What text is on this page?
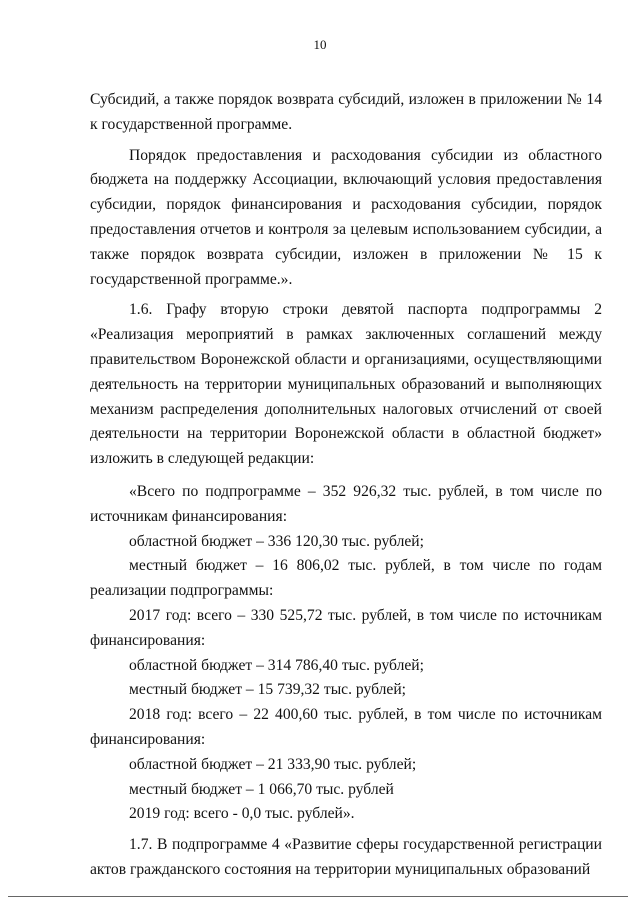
10

Субсидий, а также порядок возврата субсидий, изложен в приложении № 14 к государственной программе.

Порядок предоставления и расходования субсидии из областного бюджета на поддержку Ассоциации, включающий условия предоставления субсидии, порядок финансирования и расходования субсидии, порядок предоставления отчетов и контроля за целевым использованием субсидии, а также порядок возврата субсидии, изложен в приложении № 15 к государственной программе.».

1.6. Графу вторую строки девятой паспорта подпрограммы 2 «Реализация мероприятий в рамках заключенных соглашений между правительством Воронежской области и организациями, осуществляющими деятельность на территории муниципальных образований и выполняющих механизм распределения дополнительных налоговых отчислений от своей деятельности на территории Воронежской области в областной бюджет» изложить в следующей редакции:

«Всего по подпрограмме – 352 926,32 тыс. рублей, в том числе по источникам финансирования:

областной бюджет – 336 120,30 тыс. рублей;

местный бюджет – 16 806,02 тыс. рублей, в том числе по годам реализации подпрограммы:

2017 год: всего – 330 525,72 тыс. рублей, в том числе по источникам финансирования:

областной бюджет – 314 786,40 тыс. рублей;

местный бюджет – 15 739,32 тыс. рублей;

2018 год: всего – 22 400,60 тыс. рублей, в том числе по источникам финансирования:

областной бюджет – 21 333,90 тыс. рублей;

местный бюджет – 1 066,70 тыс. рублей

2019 год: всего - 0,0 тыс. рублей».

1.7. В подпрограмме 4 «Развитие сферы государственной регистрации актов гражданского состояния на территории муниципальных образований
